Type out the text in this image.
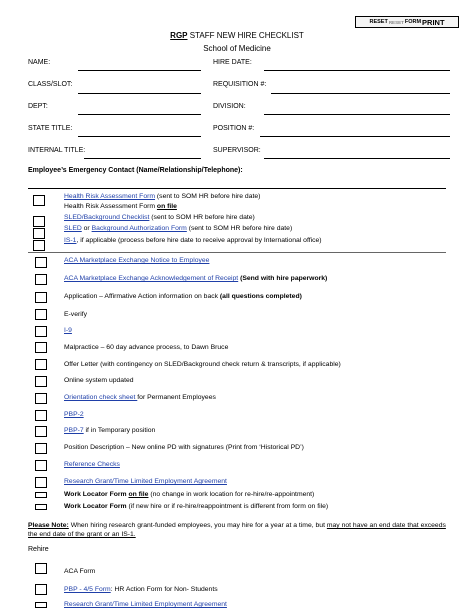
RESET RESET FORM PRINT
RGP STAFF NEW HIRE CHECKLIST
School of Medicine
NAME:	HIRE DATE:
CLASS/SLOT:	REQUISITION #:
DEPT:	DIVISION:
STATE TITLE:	POSITION #:
INTERNAL TITLE:	SUPERVISOR:
Employee’s Emergency Contact (Name/Relationship/Telephone):
Health Risk Assessment Form (sent to SOM HR before hire date)
Health Risk Assessment Form on file
SLED/Background Checklist (sent to SOM HR before hire date)
SLED or Background Authorization Form (sent to SOM HR before hire date)
IS-1, if applicable (process before hire date to receive approval by International office)
ACA Marketplace Exchange Notice to Employee
ACA Marketplace Exchange Acknowledgement of Receipt (Send with hire paperwork)
Application – Affirmative Action information on back (all questions completed)
E-verify
I-9
Malpractice – 60 day advance process, to Dawn Bruce
Offer Letter (with contingency on SLED/Background check return & transcripts, if applicable)
Online system updated
Orientation check sheet for Permanent Employees
PBP-2
PBP-7 if in Temporary position
Position Description – New online PD with signatures (Print from ‘Historical PD’)
Reference Checks
Research Grant/Time Limited Employment Agreement
Work Locator Form on file (no change in work location for re-hire/re-appointment)
Work Locator Form (if new hire or if re-hire/reappointment is different from form on file)
Please Note: When hiring research grant-funded employees, you may hire for a year at a time, but may not have an end date that exceeds the end date of the grant or an IS-1.
Rehire
ACA Form
PBP - 4/5 Form: HR Action Form for Non- Students
Research Grant/Time Limited Employment Agreement
